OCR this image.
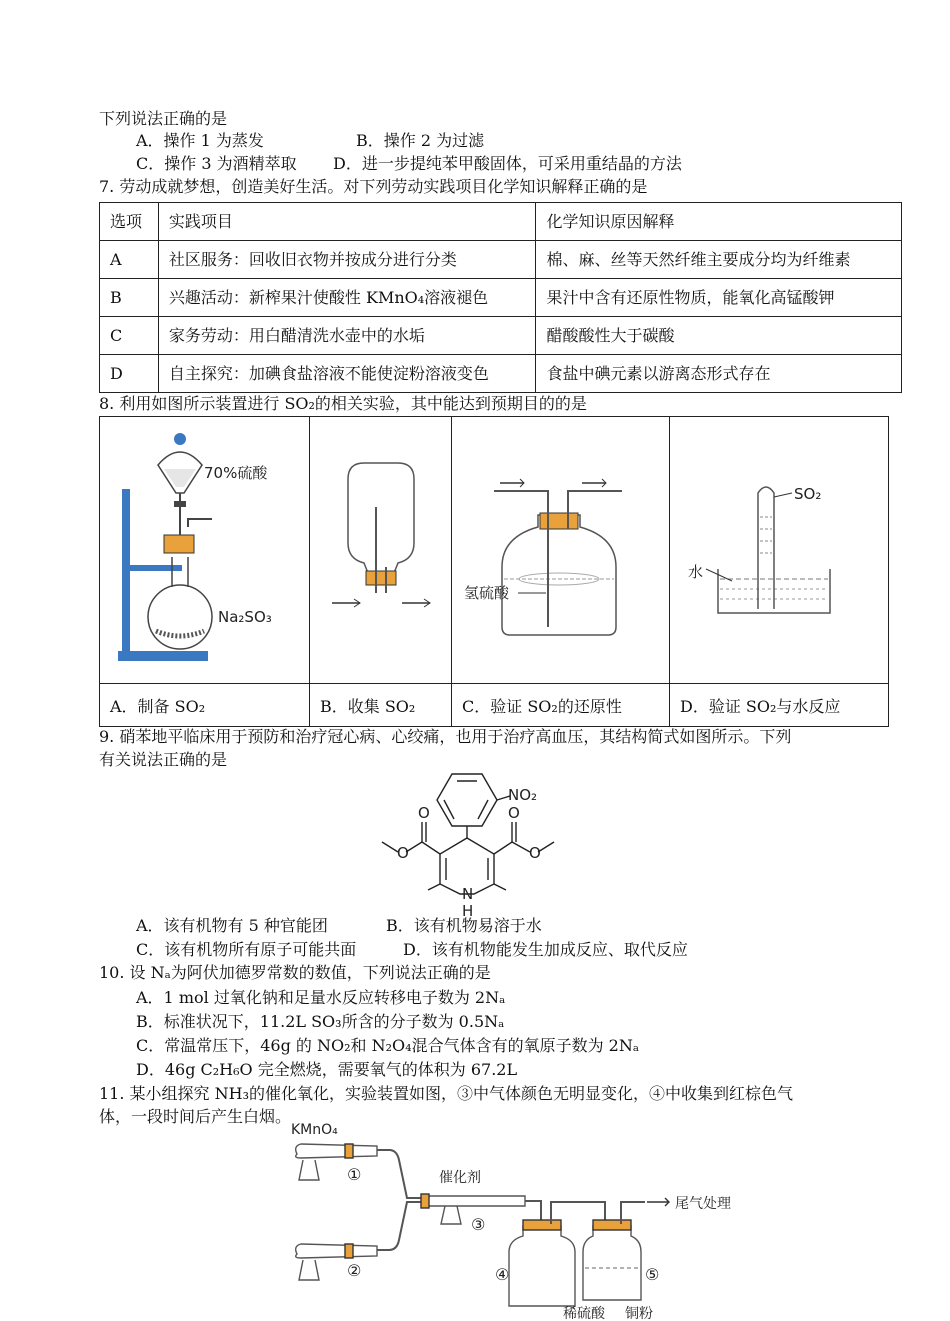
下列说法正确的是
A．操作 1 为蒸发	B．操作 2 为过滤
C．操作 3 为酒精萃取 D．进一步提纯苯甲酸固体，可采用重结晶的方法
7. 劳动成就梦想，创造美好生活。对下列劳动实践项目化学知识解释正确的是
选项	实践项目	化学知识原因解释
A	社区服务：回收旧衣物并按成分进行分类	棉、麻、丝等天然纤维主要成分均为纤维素
B	兴趣活动：新榨果汁使酸性 KMnO₄溶液褪色	果汁中含有还原性物质，能氧化高锰酸钾
C	家务劳动：用白醋清洗水壶中的水垢	醋酸酸性大于碳酸
D	自主探究：加碘食盐溶液不能使淀粉溶液变色	食盐中碘元素以游离态形式存在
8. 利用如图所示装置进行 SO₂的相关实验，其中能达到预期目的的是
70%硫酸
Na₂SO₃		氢硫酸	SO₂
水

A．制备 SO₂	B．收集 SO₂	C．验证 SO₂的还原性	D．验证 SO₂与水反应
9. 硝苯地平临床用于预防和治疗冠心病、心绞痛，也用于治疗高血压，其结构简式如图所示。下列
有关说法正确的是
NO₂
O	O
O	O
N
H
A．该有机物有 5 种官能团	B．该有机物易溶于水
C．该有机物所有原子可能共面	D．该有机物能发生加成反应、取代反应
10. 设 Nₐ为阿伏加德罗常数的数值，下列说法正确的是
A．1 mol 过氧化钠和足量水反应转移电子数为 2Nₐ
B．标准状况下，11.2L SO₃所含的分子数为 0.5Nₐ
C．常温常压下，46g 的 NO₂和 N₂O₄混合气体含有的氧原子数为 2Nₐ
D．46g C₂H₆O 完全燃烧，需要氧气的体积为 67.2L
11. 某小组探究 NH₃的催化氧化，实验装置如图，③中气体颜色无明显变化，④中收集到红棕色气
体，一段时间后产生白烟。
KMnO₄
①
②
③
④	⑤
催化剂
尾气处理
稀硫酸 铜粉
